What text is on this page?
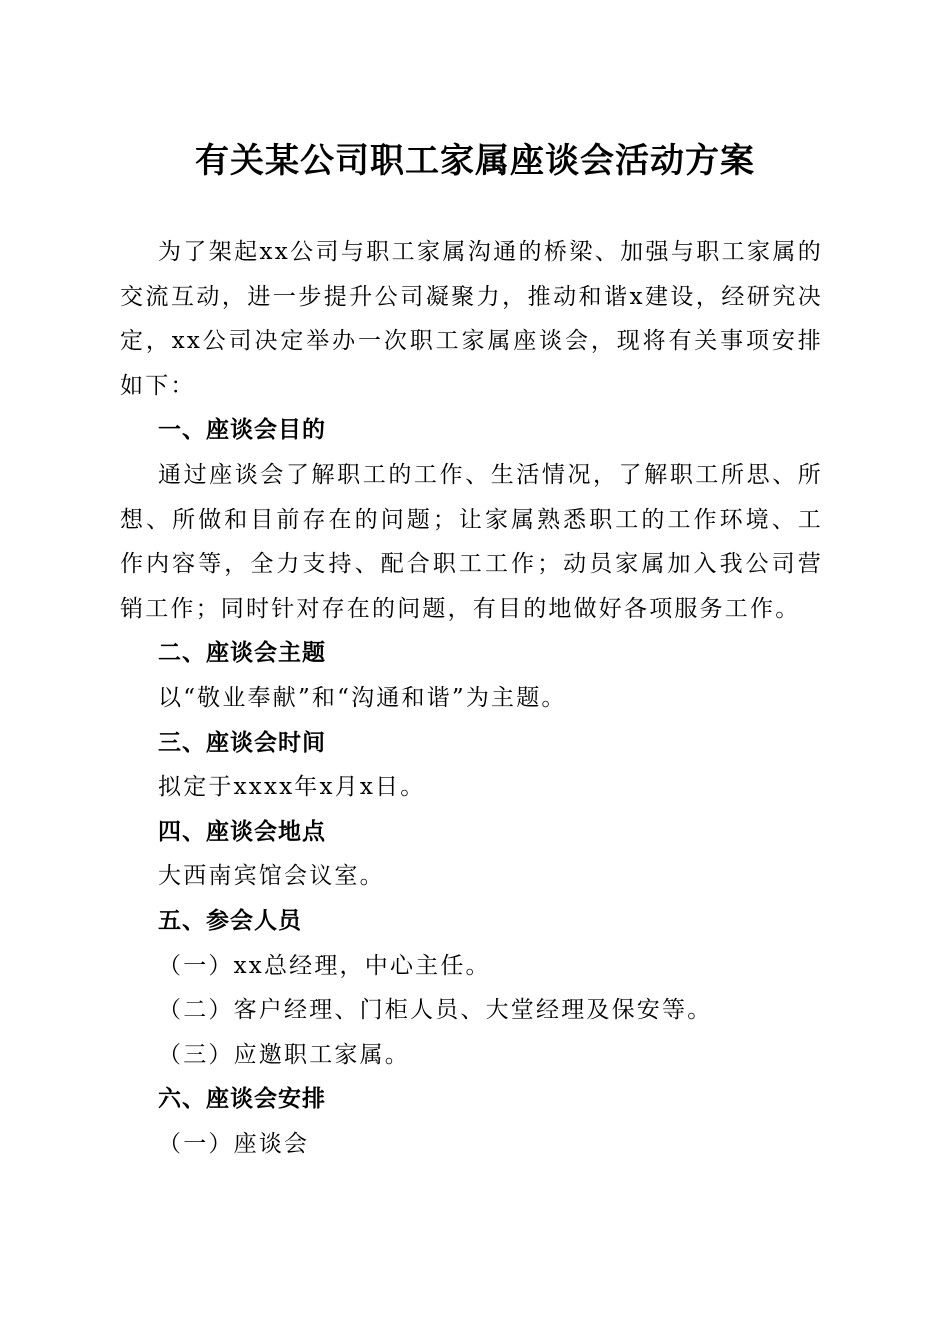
有关某公司职工家属座谈会活动方案

为了架起xx公司与职工家属沟通的桥梁、加强与职工家属的交流互动，进一步提升公司凝聚力，推动和谐x建设，经研究决定，xx公司决定举办一次职工家属座谈会，现将有关事项安排如下：

一、座谈会目的

通过座谈会了解职工的工作、生活情况，了解职工所思、所想、所做和目前存在的问题；让家属熟悉职工的工作环境、工作内容等，全力支持、配合职工工作；动员家属加入我公司营销工作；同时针对存在的问题，有目的地做好各项服务工作。

二、座谈会主题

以“敬业奉献”和“沟通和谐”为主题。

三、座谈会时间

拟定于xxxx年x月x日。

四、座谈会地点

大西南宾馆会议室。

五、参会人员

（一）xx总经理，中心主任。

（二）客户经理、门柜人员、大堂经理及保安等。

（三）应邀职工家属。

六、座谈会安排

（一）座谈会
